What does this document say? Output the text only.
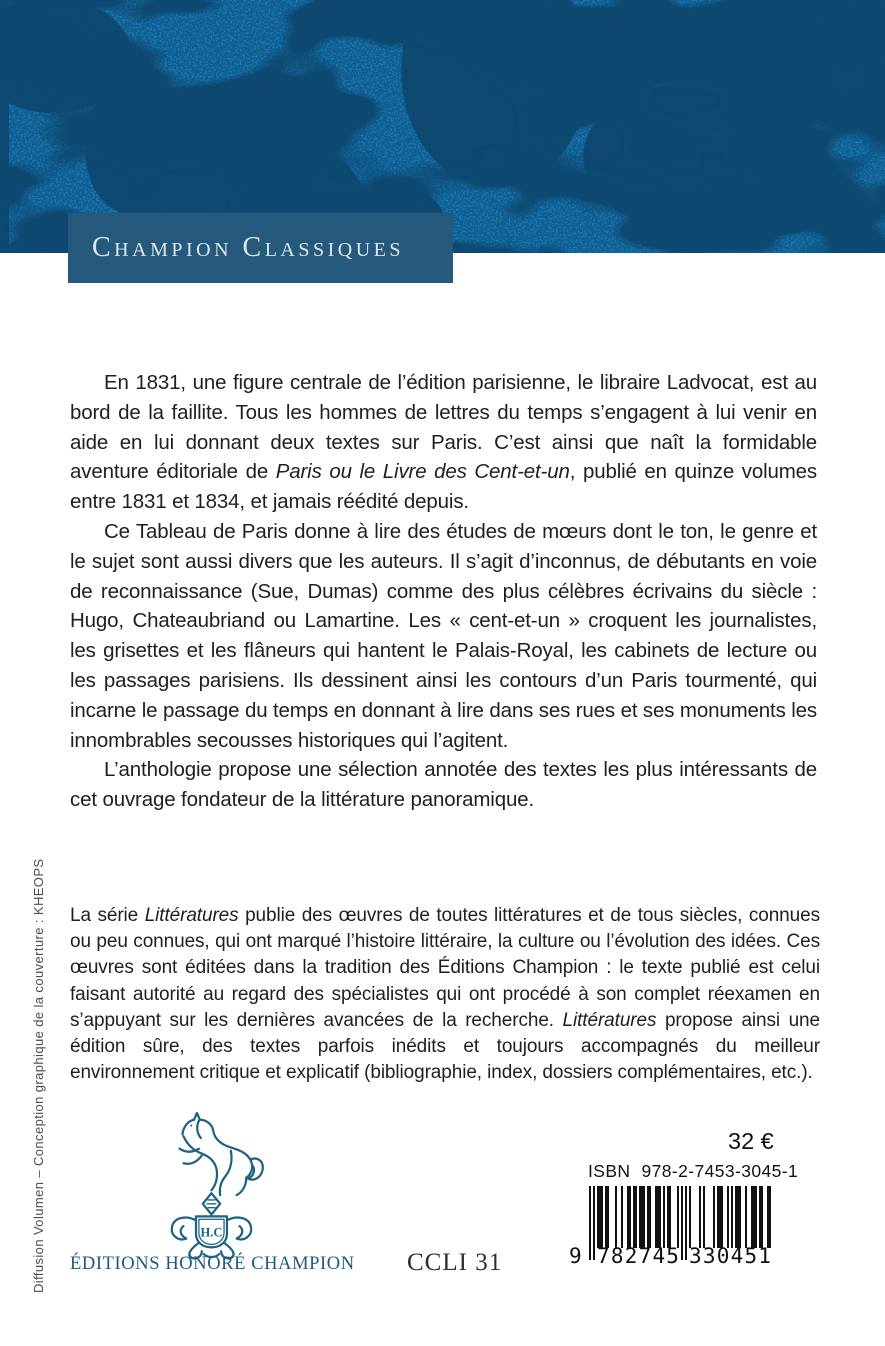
Champion Classiques

En 1831, une figure centrale de l’édition parisienne, le libraire Ladvocat, est au bord de la faillite. Tous les hommes de lettres du temps s’engagent à lui venir en aide en lui donnant deux textes sur Paris. C’est ainsi que naît la formidable aventure éditoriale de Paris ou le Livre des Cent-et-un, publié en quinze volumes entre 1831 et 1834, et jamais réédité depuis.

Ce Tableau de Paris donne à lire des études de mœurs dont le ton, le genre et le sujet sont aussi divers que les auteurs. Il s’agit d’inconnus, de débutants en voie de reconnaissance (Sue, Dumas) comme des plus célèbres écrivains du siècle : Hugo, Chateaubriand ou Lamartine. Les « cent-et-un » croquent les journalistes, les grisettes et les flâneurs qui hantent le Palais-Royal, les cabinets de lecture ou les passages parisiens. Ils dessinent ainsi les contours d’un Paris tourmenté, qui incarne le passage du temps en donnant à lire dans ses rues et ses monuments les innombrables secousses historiques qui l’agitent.

L’anthologie propose une sélection annotée des textes les plus intéressants de cet ouvrage fondateur de la littérature panoramique.

La série Littératures publie des œuvres de toutes littératures et de tous siècles, connues ou peu connues, qui ont marqué l’histoire littéraire, la culture ou l’évolution des idées. Ces œuvres sont éditées dans la tradition des Éditions Champion : le texte publié est celui faisant autorité au regard des spécialistes qui ont procédé à son complet réexamen en s’appuyant sur les dernières avancées de la recherche. Littératures propose ainsi une édition sûre, des textes parfois inédits et toujours accompagnés du meilleur environnement critique et explicatif (bibliographie, index, dossiers complémentaires, etc.).

Diffusion Volumen – Conception graphique de la couverture : KHEOPS	H.C
ÉDITIONS HONORÉ CHAMPION CCLI 31
32 €
ISBN 978-2-7453-3045-1
9 7 8 2 7 4 5 3 3 0 4 5 1
